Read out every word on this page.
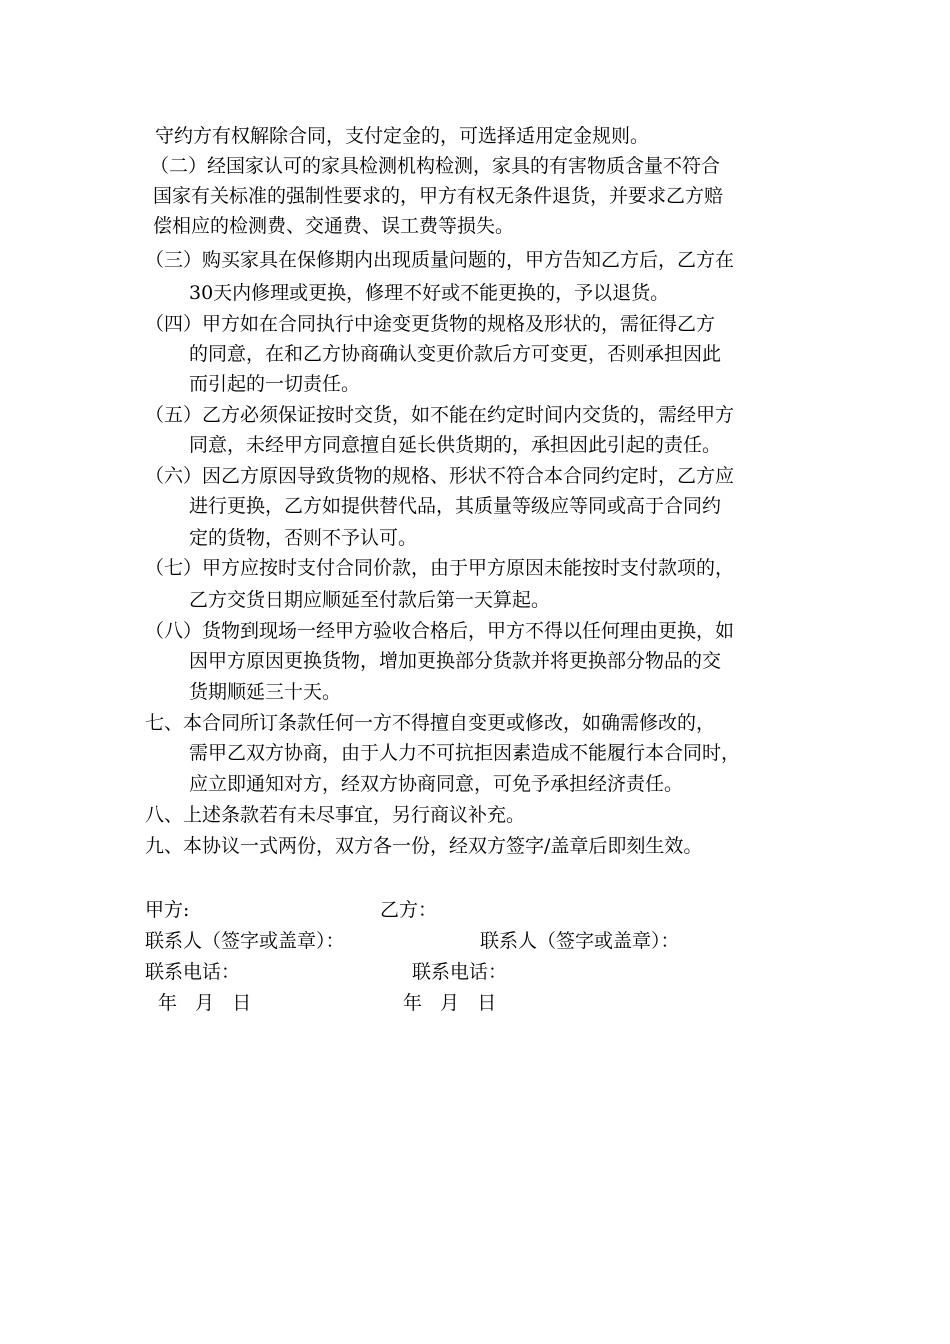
守约方有权解除合同，支付定金的，可选择适用定金规则。
（二）经国家认可的家具检测机构检测，家具的有害物质含量不符合
国家有关标准的强制性要求的，甲方有权无条件退货，并要求乙方赔
偿相应的检测费、交通费、误工费等损失。
（三）购买家具在保修期内出现质量问题的，甲方告知乙方后，乙方在
30天内修理或更换，修理不好或不能更换的，予以退货。
（四）甲方如在合同执行中途变更货物的规格及形状的，需征得乙方
的同意，在和乙方协商确认变更价款后方可变更，否则承担因此
而引起的一切责任。
（五）乙方必须保证按时交货，如不能在约定时间内交货的，需经甲方
同意，未经甲方同意擅自延长供货期的，承担因此引起的责任。
（六）因乙方原因导致货物的规格、形状不符合本合同约定时，乙方应
进行更换，乙方如提供替代品，其质量等级应等同或高于合同约
定的货物，否则不予认可。
（七）甲方应按时支付合同价款，由于甲方原因未能按时支付款项的，
乙方交货日期应顺延至付款后第一天算起。
（八）货物到现场一经甲方验收合格后，甲方不得以任何理由更换，如
因甲方原因更换货物，增加更换部分货款并将更换部分物品的交
货期顺延三十天。
七、本合同所订条款任何一方不得擅自变更或修改，如确需修改的，
需甲乙双方协商，由于人力不可抗拒因素造成不能履行本合同时，
应立即通知对方，经双方协商同意，可免予承担经济责任。
八、上述条款若有未尽事宜，另行商议补充。
九、本协议一式两份，双方各一份，经双方签字/盖章后即刻生效。
甲方:	乙方：
联系人（签字或盖章）：	联系人（签字或盖章）：
联系电话：	联系电话：
年   月   日	年   月   日
